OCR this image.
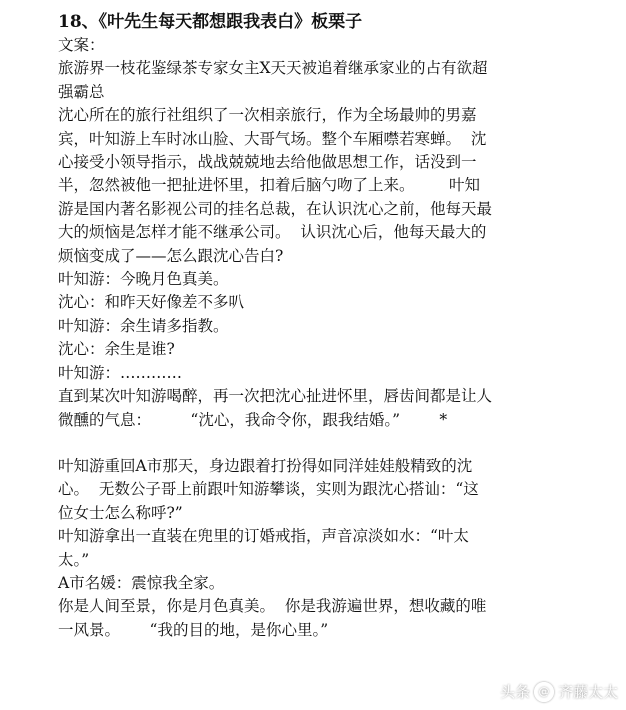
18、《叶先生每天都想跟我表白》板栗子
文案：
旅游界一枝花鉴绿茶专家女主X天天被追着继承家业的占有欲超
强霸总
沈心所在的旅行社组织了一次相亲旅行，作为全场最帅的男嘉
宾，叶知游上车时冰山脸、大哥气场。整个车厢噤若寒蝉。  沈
心接受小领导指示，战战兢兢地去给他做思想工作，话没到一
半，忽然被他一把扯进怀里，扣着后脑勺吻了上来。       叶知
游是国内著名影视公司的挂名总裁，在认识沈心之前，他每天最
大的烦恼是怎样才能不继承公司。  认识沈心后，他每天最大的
烦恼变成了——怎么跟沈心告白?
叶知游：今晚月色真美。
沈心：和昨天好像差不多叭
叶知游：余生请多指教。
沈心：余生是谁?
叶知游：…………
直到某次叶知游喝醉，再一次把沈心扯进怀里，唇齿间都是让人
微醺的气息：        “沈心，我命令你，跟我结婚。”        *
叶知游重回A市那天，身边跟着打扮得如同洋娃娃般精致的沈
心。  无数公子哥上前跟叶知游攀谈，实则为跟沈心搭讪：“这
位女士怎么称呼?”
叶知游拿出一直装在兜里的订婚戒指，声音凉淡如水：“叶太
太。”
A市名媛：震惊我全家。
你是人间至景，你是月色真美。  你是我游遍世界，想收藏的唯
一风景。      “我的目的地，是你心里。”
头条 @ 齐藤太太
